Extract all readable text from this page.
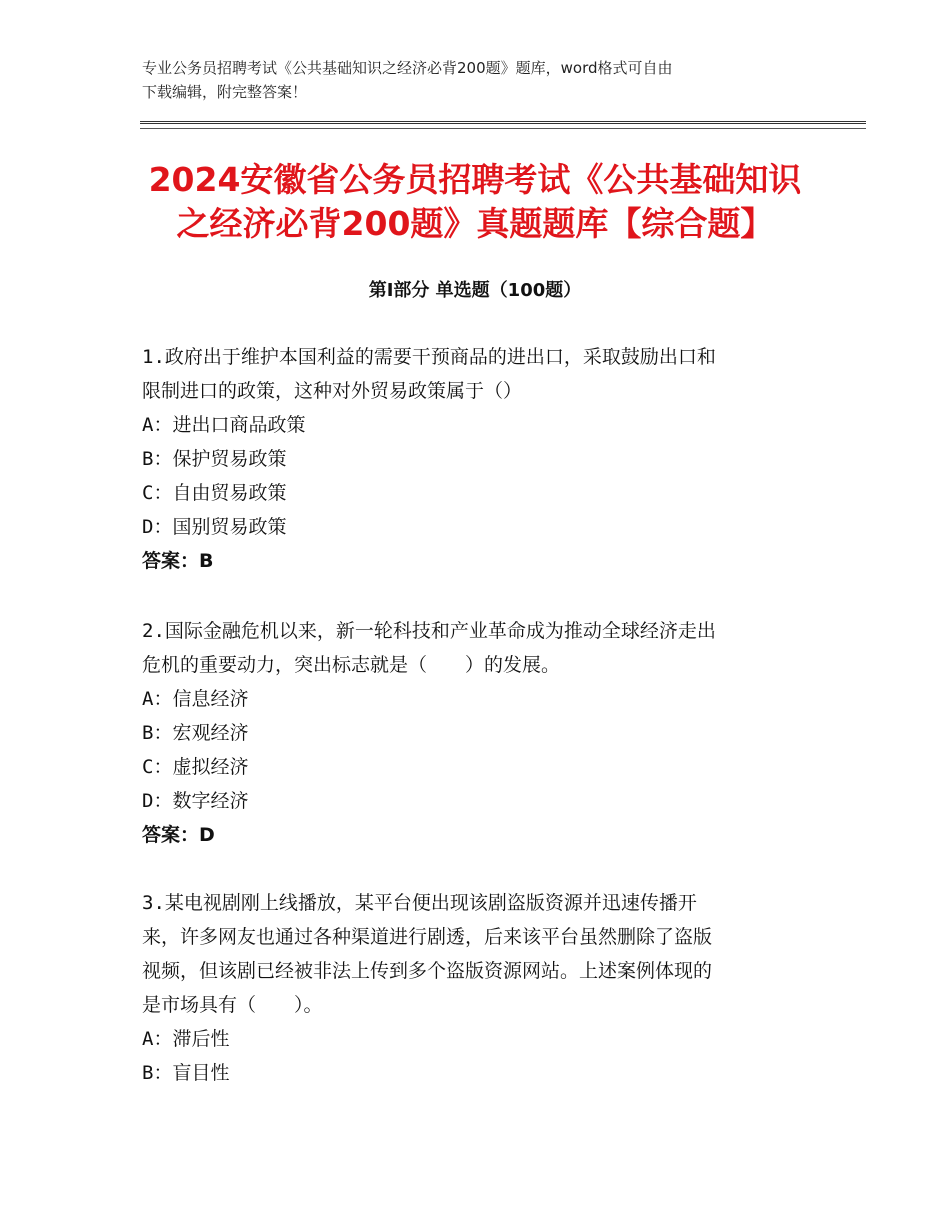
专业公务员招聘考试《公共基础知识之经济必背200题》题库，word格式可自由
下载编辑，附完整答案！
2024安徽省公务员招聘考试《公共基础知识
之经济必背200题》真题题库【综合题】
第Ⅰ部分 单选题（100题）

1.政府出于维护本国利益的需要干预商品的进出口，采取鼓励出口和

限制进口的政策，这种对外贸易政策属于（）

A：进出口商品政策

B：保护贸易政策

C：自由贸易政策

D：国别贸易政策

答案：B

2.国际金融危机以来，新一轮科技和产业革命成为推动全球经济走出

危机的重要动力，突出标志就是（　　）的发展。

A：信息经济

B：宏观经济

C：虚拟经济

D：数字经济

答案：D

3.某电视剧刚上线播放，某平台便出现该剧盗版资源并迅速传播开

来，许多网友也通过各种渠道进行剧透，后来该平台虽然删除了盗版

视频，但该剧已经被非法上传到多个盗版资源网站。上述案例体现的

是市场具有（　　）。

A：滞后性

B：盲目性
